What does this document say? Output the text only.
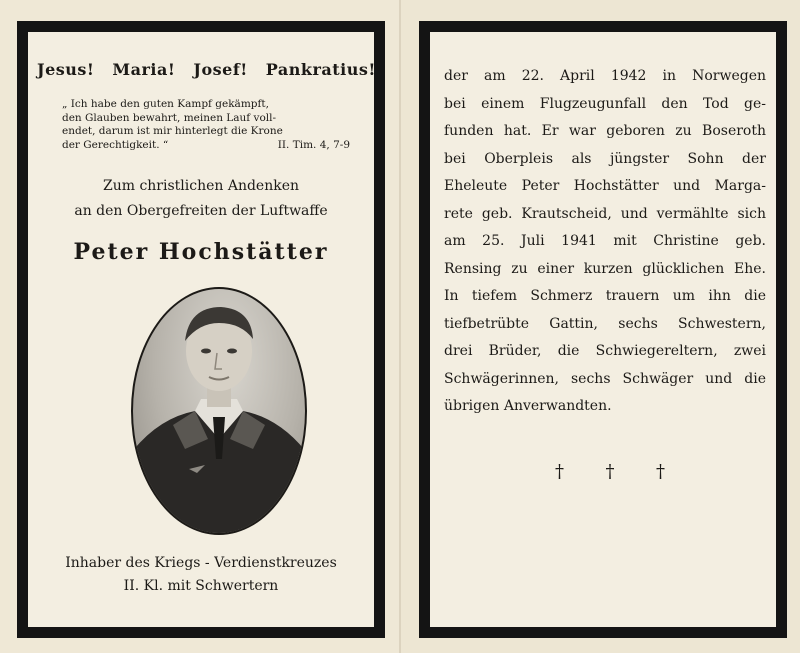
Jesus! Maria! Josef! Pankratius!
„ Ich habe den guten Kampf gekämpft,
den Glauben bewahrt, meinen Lauf voll-
endet, darum ist mir hinterlegt die Krone
der Gerechtigkeit. “	II. Tim. 4, 7-9
Zum christlichen Andenken
an den Obergefreiten der Luftwaffe
Peter Hochstätter
Inhaber des Kriegs - Verdienstkreuzes
II. Kl. mit Schwertern
der am 22. April 1942 in Norwegen
bei einem Flugzeugunfall den Tod ge-
funden hat. Er war geboren zu Boseroth
bei Oberpleis als jüngster Sohn der
Eheleute Peter Hochstätter und Marga-
rete geb. Krautscheid, und vermählte sich
am 25. Juli 1941 mit Christine geb.
Rensing zu einer kurzen glücklichen Ehe.
In tiefem Schmerz trauern um ihn die
tiefbetrübte Gattin, sechs Schwestern,
drei Brüder, die Schwiegereltern, zwei
Schwägerinnen, sechs Schwäger und die
übrigen Anverwandten.
† † †
